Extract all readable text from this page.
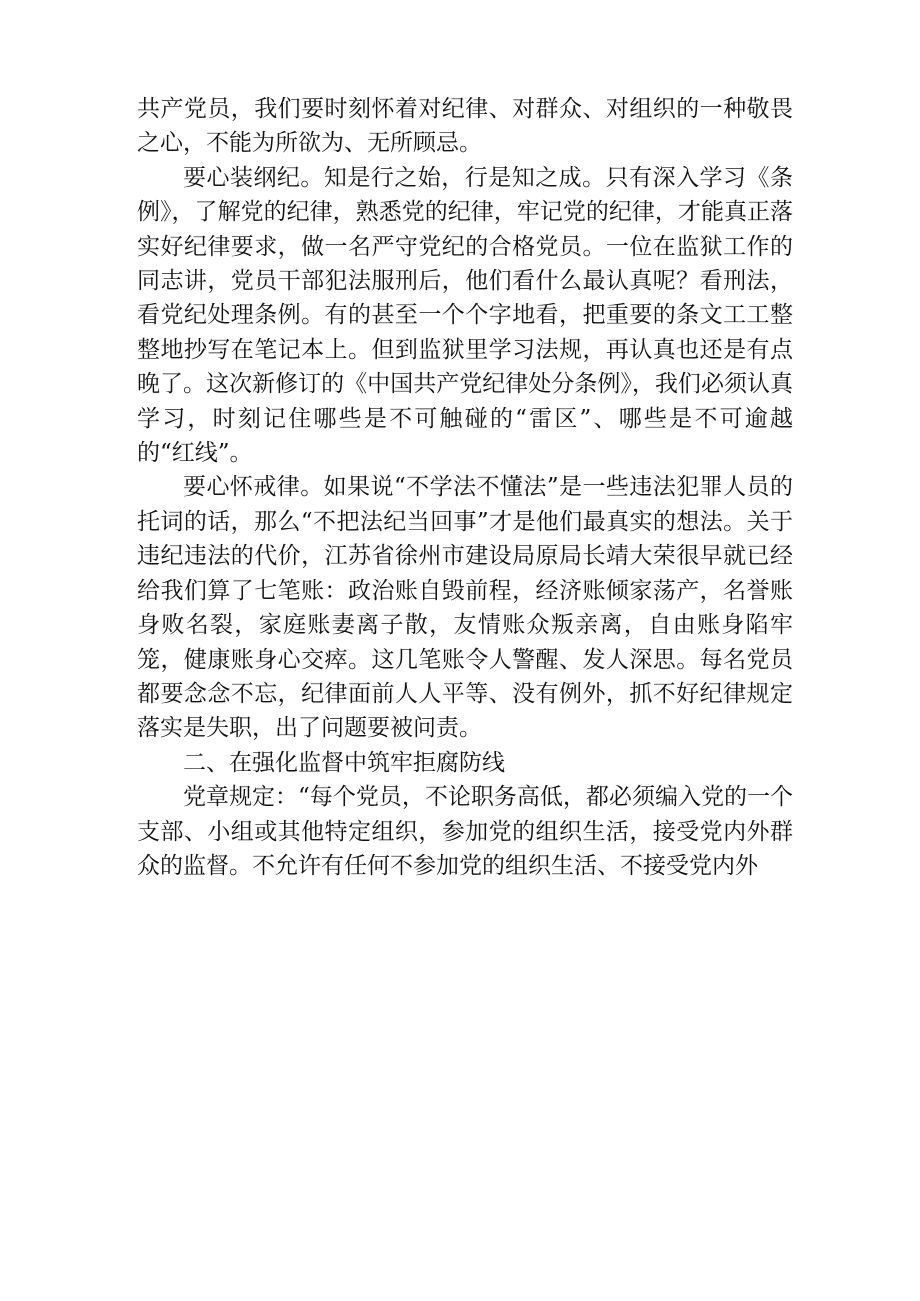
共产党员，我们要时刻怀着对纪律、对群众、对组织的一种敬畏之心，不能为所欲为、无所顾忌。

要心装纲纪。知是行之始，行是知之成。只有深入学习《条例》，了解党的纪律，熟悉党的纪律，牢记党的纪律，才能真正落实好纪律要求，做一名严守党纪的合格党员。一位在监狱工作的同志讲，党员干部犯法服刑后，他们看什么最认真呢？看刑法，看党纪处理条例。有的甚至一个个字地看，把重要的条文工工整整地抄写在笔记本上。但到监狱里学习法规，再认真也还是有点晚了。这次新修订的《中国共产党纪律处分条例》，我们必须认真学习，时刻记住哪些是不可触碰的“雷区”、哪些是不可逾越的“红线”。

要心怀戒律。如果说“不学法不懂法”是一些违法犯罪人员的托词的话，那么“不把法纪当回事”才是他们最真实的想法。关于违纪违法的代价，江苏省徐州市建设局原局长靖大荣很早就已经给我们算了七笔账：政治账自毁前程，经济账倾家荡产，名誉账身败名裂，家庭账妻离子散，友情账众叛亲离，自由账身陷牢笼，健康账身心交瘁。这几笔账令人警醒、发人深思。每名党员都要念念不忘，纪律面前人人平等、没有例外，抓不好纪律规定落实是失职，出了问题要被问责。

二、在强化监督中筑牢拒腐防线

党章规定：“每个党员，不论职务高低，都必须编入党的一个支部、小组或其他特定组织，参加党的组织生活，接受党内外群众的监督。不允许有任何不参加党的组织生活、不接受党内外
